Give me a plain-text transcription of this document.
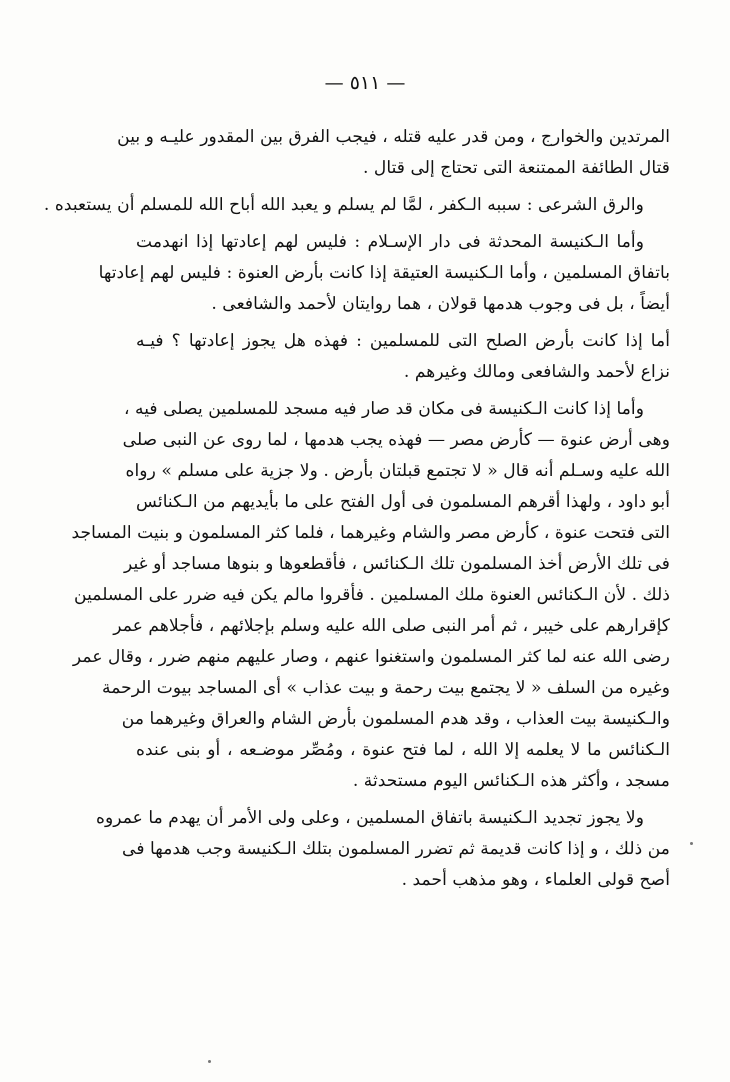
— ٥١١ —
المرتدين والخوارج ، ومن قدر عليه قتله ، فيجب الفرق بين المقدور عليـه و بين
قتال الطائفة الممتنعة التى تحتاج إلى قتال .
والرق الشرعى : سببه الـكفر ، لمَّا لم يسلم و يعبد الله أباح الله للمسلم أن يستعبده .
وأما الـكنيسة المحدثة فى دار الإسـلام : فليس لهم إعادتها إذا انهدمت
باتفاق المسلمين ، وأما الـكنيسة العتيقة إذا كانت بأرض العنوة : فليس لهم إعادتها
أيضاً ، بل فى وجوب هدمها قولان ، هما روايتان لأحمد والشافعى .
أما إذا كانت بأرض الصلح التى للمسلمين : فهذه هل يجوز إعادتها ؟ فيـه
نزاع لأحمد والشافعى ومالك وغيرهم .
وأما إذا كانت الـكنيسة فى مكان قد صار فيه مسجد للمسلمين يصلى فيه ،
وهى أرض عنوة — كأرض مصر — فهذه يجب هدمها ، لما روى عن النبى صلى
الله عليه وسـلم أنه قال « لا تجتمع قبلتان بأرض . ولا جزية على مسلم » رواه
أبو داود ، ولهذا أقرهم المسلمون فى أول الفتح على ما بأيديهم من الـكنائس
التى فتحت عنوة ، كأرض مصر والشام وغيرهما ، فلما كثر المسلمون و بنيت المساجد
فى تلك الأرض أخذ المسلمون تلك الـكنائس ، فأقطعوها و بنوها مساجد أو غير
ذلك . لأن الـكنائس العنوة ملك المسلمين . فأقروا مالم يكن فيه ضرر على المسلمين
كإقرارهم على خيبر ، ثم أمر النبى صلى الله عليه وسلم بإجلائهم ، فأجلاهم عمر
رضى الله عنه لما كثر المسلمون واستغنوا عنهم ، وصار عليهم منهم ضرر ، وقال عمر
وغيره من السلف « لا يجتمع بيت رحمة و بيت عذاب » أى المساجد بيوت الرحمة
والـكنيسة بيت العذاب ، وقد هدم المسلمون بأرض الشام والعراق وغيرهما من
الـكنائس ما لا يعلمه إلا الله ، لما فتح عنوة ، ومُصِّر موضـعه ، أو بنى عنده
مسجد ، وأكثر هذه الـكنائس اليوم مستحدثة .
ولا يجوز تجديد الـكنيسة باتفاق المسلمين ، وعلى ولى الأمر أن يهدم ما عمروه
من ذلك ، و إذا كانت قديمة ثم تضرر المسلمون بتلك الـكنيسة وجب هدمها فى
أصح قولى العلماء ، وهو مذهب أحمد .
